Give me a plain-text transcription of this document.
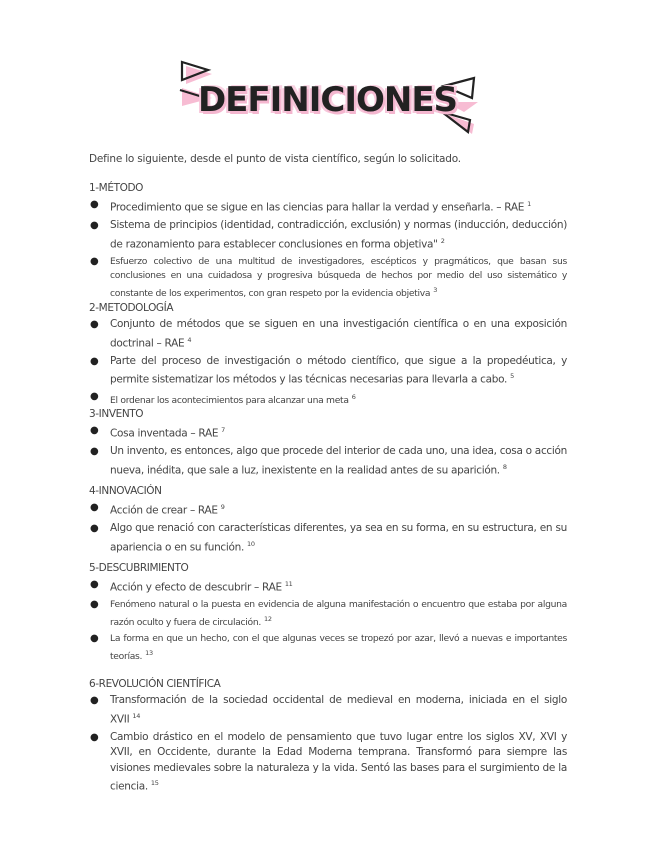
DEFINICIONES
Define lo siguiente, desde el punto de vista científico, según lo solicitado.
1-MÉTODO
● Procedimiento que se sigue en las ciencias para hallar la verdad y enseñarla. – RAE $^1$
● Sistema de principios (identidad, contradicción, exclusión) y normas (inducción, deducción) de razonamiento para establecer conclusiones en forma objetiva" $^2$
● Esfuerzo colectivo de una multitud de investigadores, escépticos y pragmáticos, que basan sus conclusiones en una cuidadosa y progresiva búsqueda de hechos por medio del uso sistemático y constante de los experimentos, con gran respeto por la evidencia objetiva $^3$
2-METODOLOGÍA
● Conjunto de métodos que se siguen en una investigación científica o en una exposición doctrinal – RAE $^4$
● Parte del proceso de investigación o método científico, que sigue a la propedéutica, y permite sistematizar los métodos y las técnicas necesarias para llevarla a cabo. $^5$
● El ordenar los acontecimientos para alcanzar una meta $^6$
3-INVENTO
● Cosa inventada – RAE $^7$
● Un invento, es entonces, algo que procede del interior de cada uno, una idea, cosa o acción nueva, inédita, que sale a luz, inexistente en la realidad antes de su aparición. $^8$
4-INNOVACIÓN
● Acción de crear – RAE $^9$
● Algo que renació con características diferentes, ya sea en su forma, en su estructura, en su apariencia o en su función. $^{10}$
5-DESCUBRIMIENTO
● Acción y efecto de descubrir – RAE $^{11}$
● Fenómeno natural o la puesta en evidencia de alguna manifestación o encuentro que estaba por alguna razón oculto y fuera de circulación. $^{12}$
● La forma en que un hecho, con el que algunas veces se tropezó por azar, llevó a nuevas e importantes teorías. $^{13}$
6-REVOLUCIÓN CIENTÍFICA
● Transformación de la sociedad occidental de medieval en moderna, iniciada en el siglo XVII $^{14}$
● Cambio drástico en el modelo de pensamiento que tuvo lugar entre los siglos XV, XVI y XVII, en Occidente, durante la Edad Moderna temprana. Transformó para siempre las visiones medievales sobre la naturaleza y la vida. Sentó las bases para el surgimiento de la ciencia. $^{15}$
